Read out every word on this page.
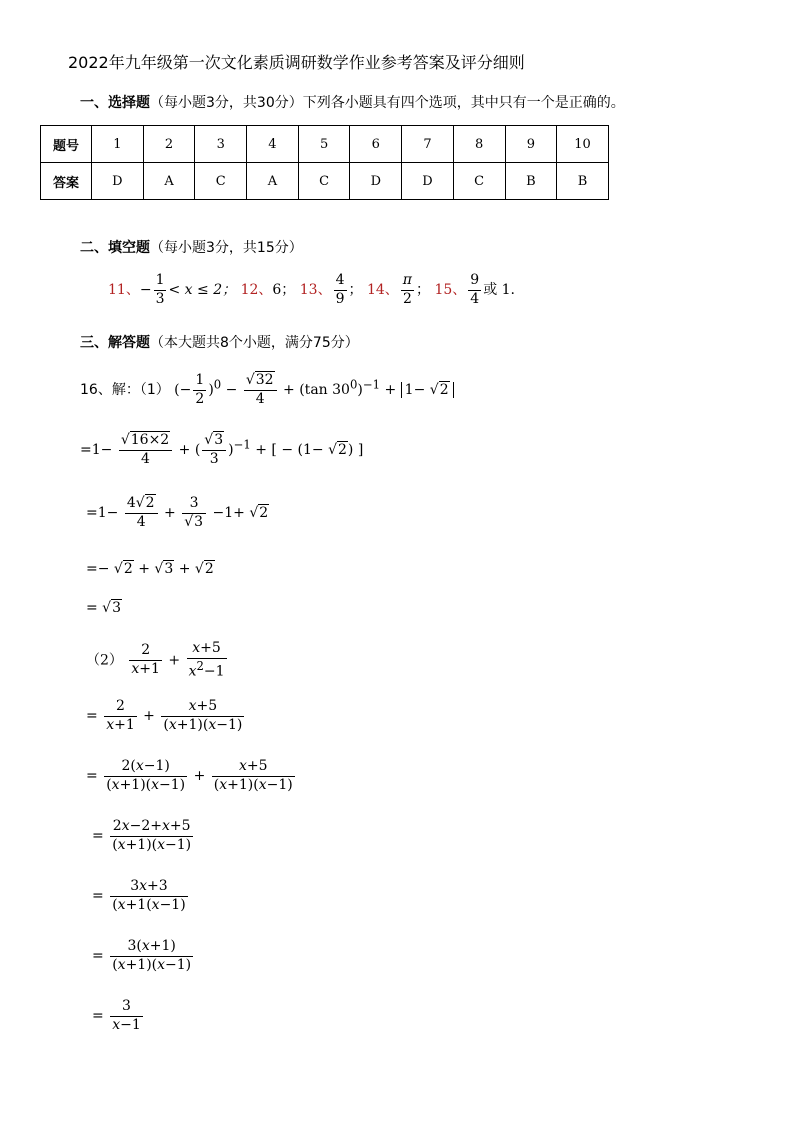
2022年九年级第一次文化素质调研数学作业参考答案及评分细则
一、选择题（每小题3分，共30分）下列各小题具有四个选项，其中只有一个是正确的。
题号	1	2	3	4	5	6	7	8	9	10
答案	D	A	C	A	C	D	D	C	B	B
二、填空题（每小题3分，共15分）
11、− $\frac{1}{3} < x \le 2$； 12、6； 13、 $\frac{4}{9}$ ； 14、 $\frac{\pi}{2}$ ； 15、 $\frac{9}{4}$ 或 1.
三、解答题（本大题共8个小题，满分75分）
16、解：（1） (− $\frac{1}{2} )^0 - \frac{√32}{4} + (\tan$ $30^0)^{-1} + 1- √2$
$=1- \frac{√16\times 2}{4}$ + ( $\frac{√3}{3} )^{-1}$ + [ − (1− √2) ]
$=1- \frac{4√2}{4} + \frac{3}{√3} -1+ √2$
=− √2 + √3 + √2
= √3
$(2) \frac{2}{x+1} + \frac{x+5}{x^2-1}$
= $\frac{2}{x+1} + \frac{x+5}{(x+1)(x-1)}$
= $\frac{2(x-1)}{(x+1)(x-1)} + \frac{x+5}{(x+1)(x-1)}$
= $\frac{2x-2+x+5}{(x+1)(x-1)}$
= $\frac{3x+3}{(x+1(x-1)}$
= $\frac{3(x+1)}{(x+1)(x-1)}$
= $\frac{3}{x-1}$
